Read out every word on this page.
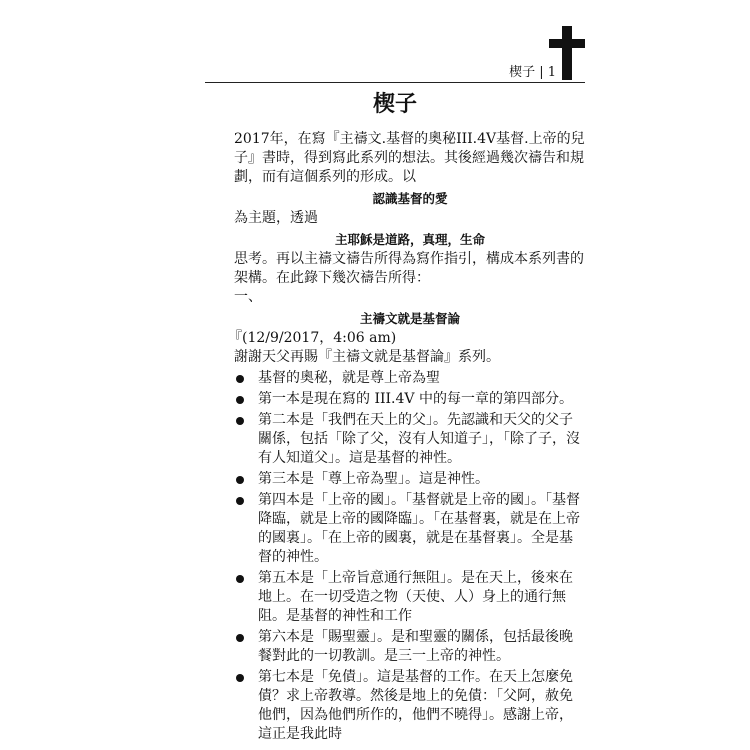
楔子 | 1
楔子

2017年，在寫『主禱文.基督的奧秘III.4V基督.上帝的兒子』書時，得到寫此系列的想法。其後經過幾次禱告和規劃，而有這個系列的形成。以

認識基督的愛

為主題，透過

主耶穌是道路，真理，生命

思考。再以主禱文禱告所得為寫作指引，構成本系列書的架構。在此錄下幾次禱告所得：

一、

主禱文就是基督論

『(12/9/2017，4:06 am)

謝謝天父再賜『主禱文就是基督論』系列。

基督的奧秘，就是尊上帝為聖
第一本是現在寫的 III.4V 中的每一章的第四部分。
第二本是「我們在天上的父」。先認識和天父的父子關係，包括「除了父，沒有人知道子」，「除了子，沒有人知道父」。這是基督的神性。
第三本是「尊上帝為聖」。這是神性。
第四本是「上帝的國」。「基督就是上帝的國」。「基督降臨，就是上帝的國降臨」。「在基督裏，就是在上帝的國裏」。「在上帝的國裏，就是在基督裏」。全是基督的神性。
第五本是「上帝旨意通行無阻」。是在天上，後來在地上。在一切受造之物（天使、人）身上的通行無阻。是基督的神性和工作
第六本是「賜聖靈」。是和聖靈的關係，包括最後晚餐對此的一切教訓。是三一上帝的神性。
第七本是「免債」。這是基督的工作。在天上怎麼免債？求上帝教導。然後是地上的免債：「父阿，赦免他們，因為他們所作的，他們不曉得」。感謝上帝，這正是我此時
